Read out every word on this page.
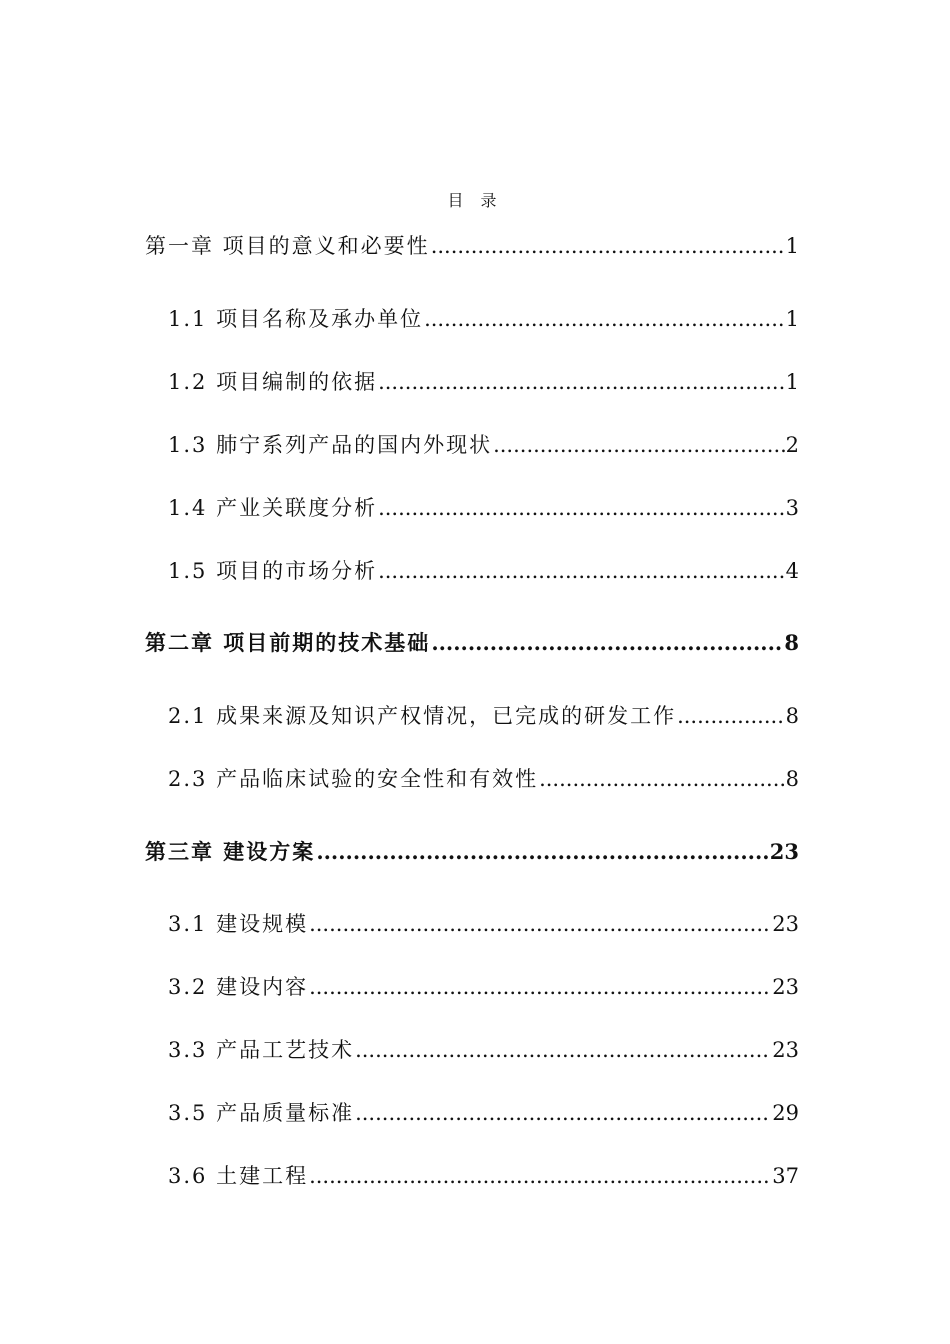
目 录
第一章 项目的意义和必要性 .....	1
1.1 项目名称及承办单位 .....	1
1.2 项目编制的依据 .....	1
1.3 肺宁系列产品的国内外现状 .....	2
1.4 产业关联度分析 .....	3
1.5 项目的市场分析 .....	4
第二章 项目前期的技术基础 .....	8
2.1 成果来源及知识产权情况，已完成的研发工作 .....	8
2.3 产品临床试验的安全性和有效性 .....	8
第三章 建设方案 .....	23
3.1 建设规模 .....	23
3.2 建设内容 .....	23
3.3 产品工艺技术 .....	23
3.5 产品质量标准 .....	29
3.6 土建工程 .....	37
